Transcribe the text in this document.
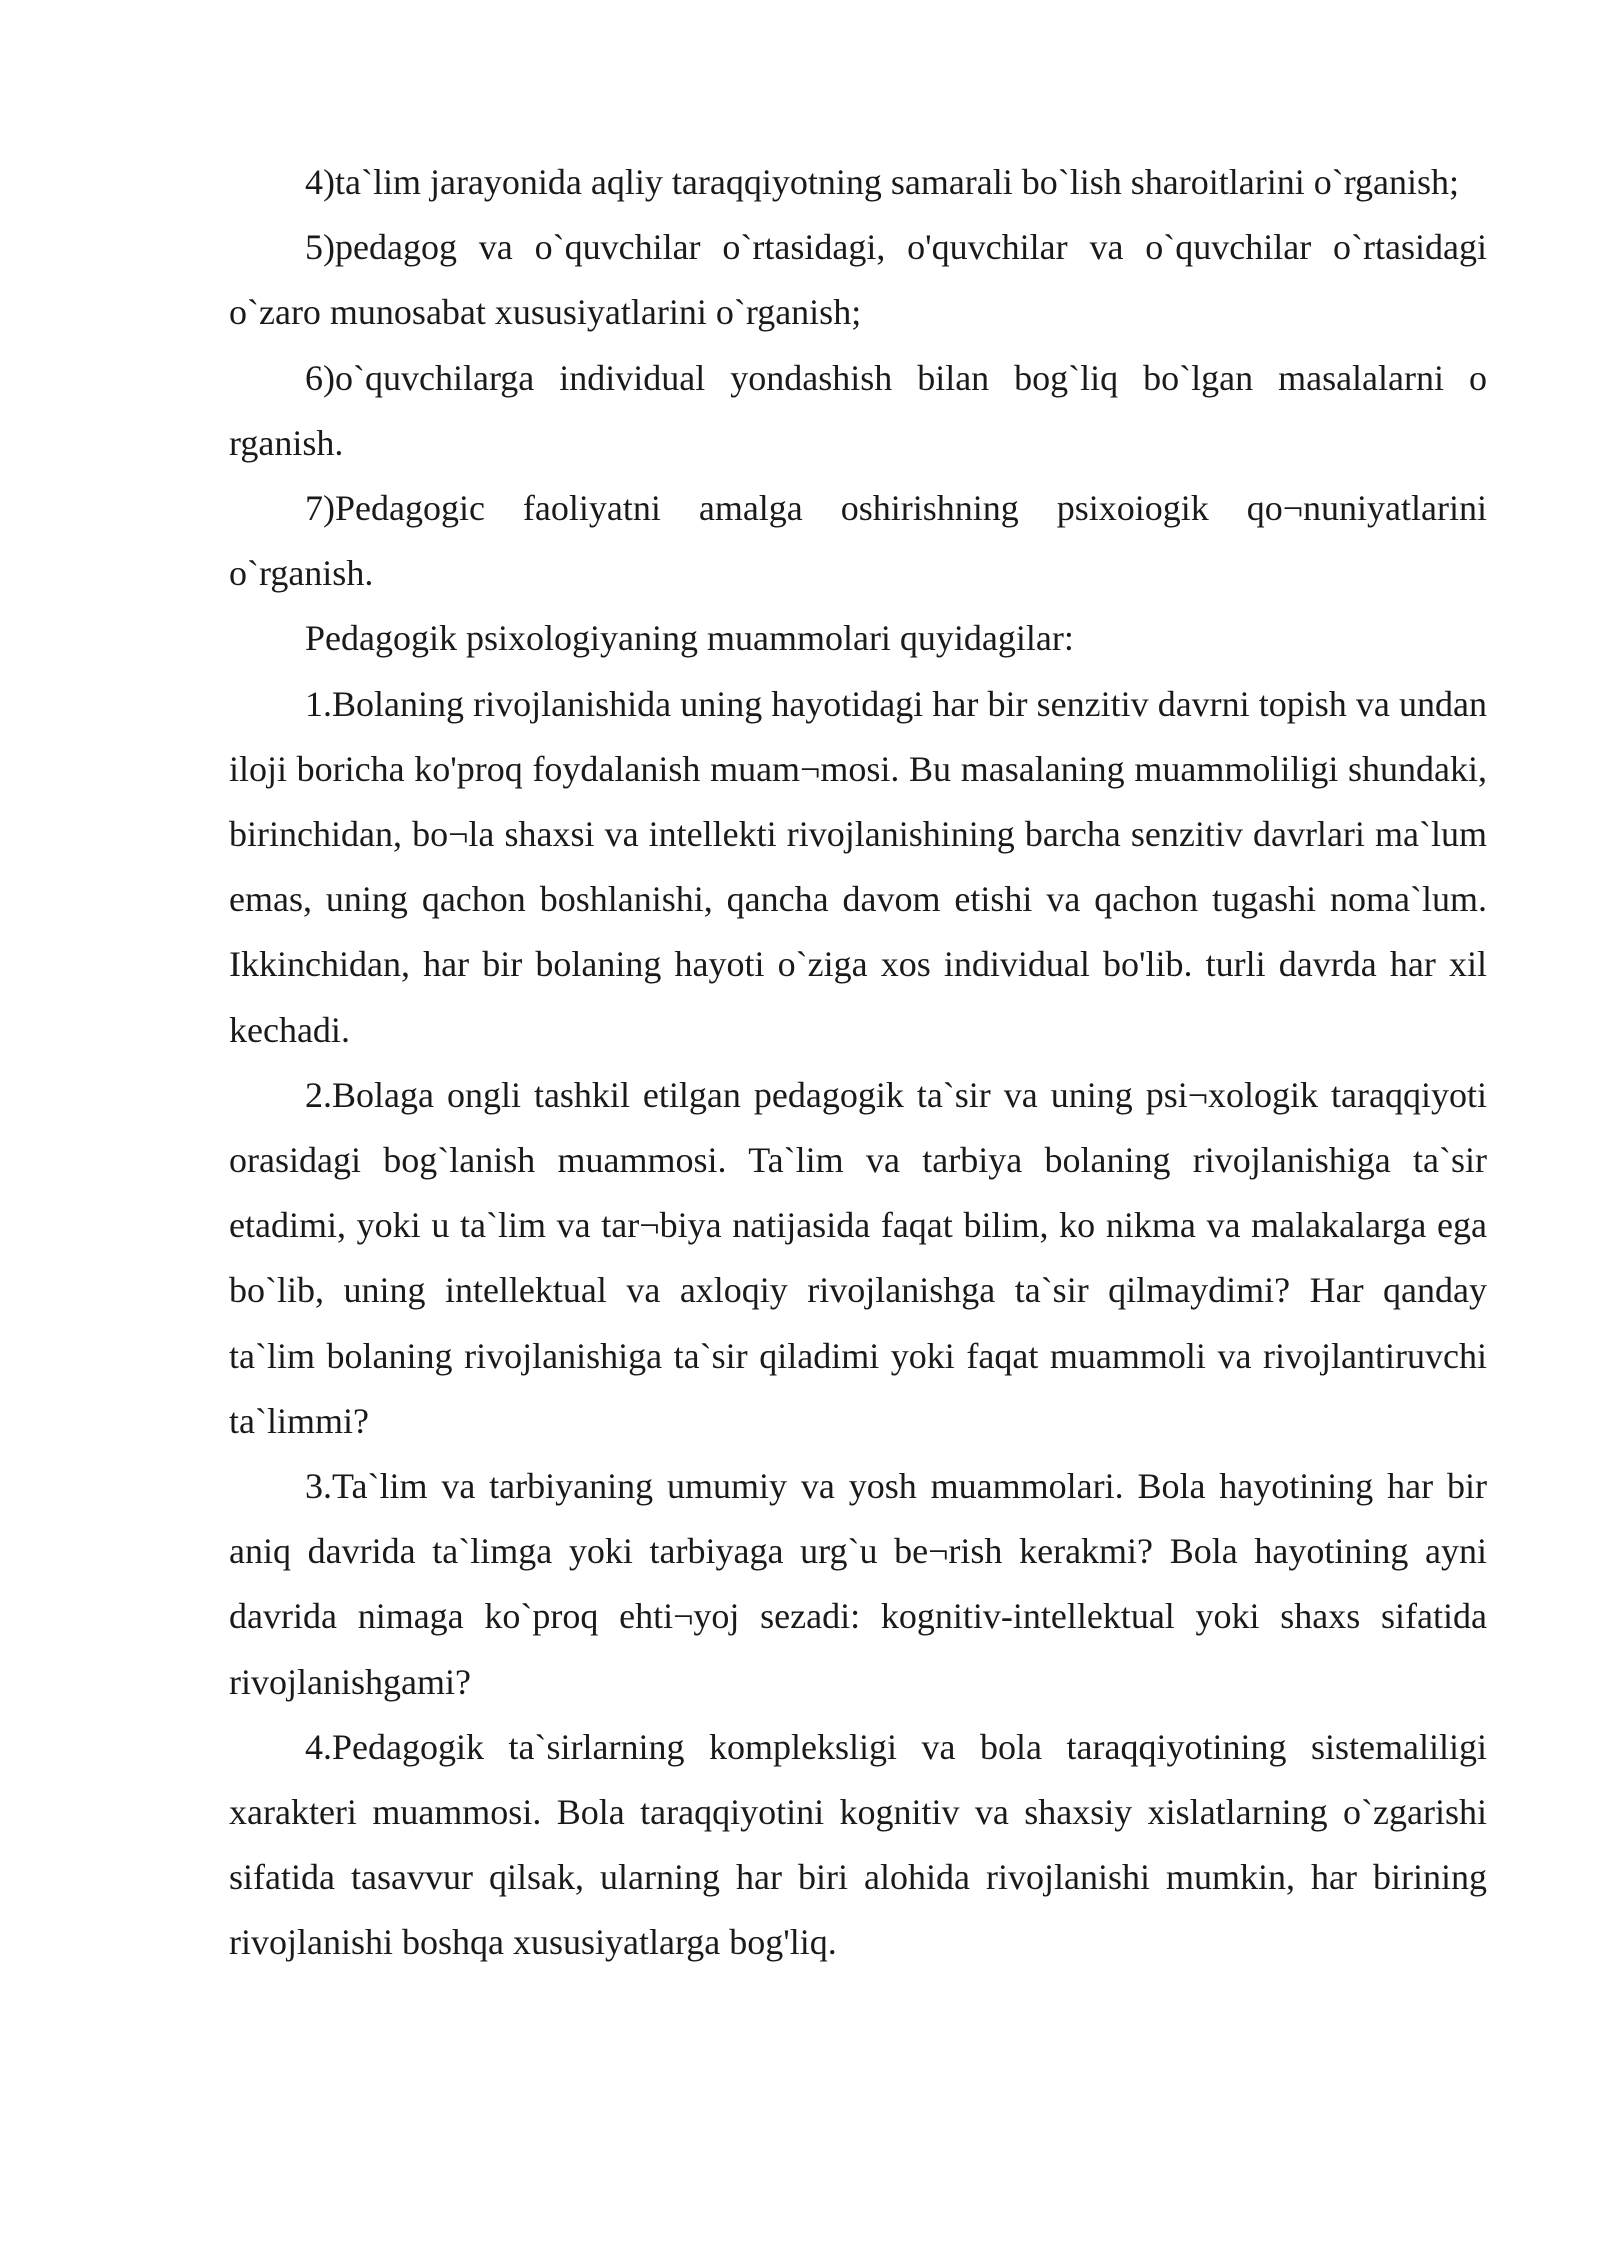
4)ta`lim jarayonida aqliy taraqqiyotning samarali bo`lish sharoitlarini o`rganish;

5)pedagog va o`quvchilar o`rtasidagi, o'quvchilar va o`quvchilar o`rtasidagi o`zaro munosabat xususiyatlarini o`rganish;

6)o`quvchilarga individual yondashish bilan bog`liq bo`lgan masalalarni o rganish.

7)Pedagogic faoliyatni amalga oshirishning psixoiogik qo¬nuniyatlarini o`rganish.

Pedagogik psixologiyaning muammolari quyidagilar:

1.Bolaning rivojlanishida uning hayotidagi har bir senzitiv davrni topish va undan iloji boricha ko'proq foydalanish muam¬mosi. Bu masalaning muammoliligi shundaki, birinchidan, bo¬la shaxsi va intellekti rivojlanishining barcha senzitiv davrlari ma`lum emas, uning qachon boshlanishi, qancha davom etishi va qachon tugashi noma`lum. Ikkinchidan, har bir bolaning hayoti o`ziga xos individual bo'lib. turli davrda har xil kechadi.

2.Bolaga ongli tashkil etilgan pedagogik ta`sir va uning psi¬xologik taraqqiyoti orasidagi bog`lanish muammosi. Ta`lim va tarbiya bolaning rivojlanishiga ta`sir etadimi, yoki u ta`lim va tar¬biya natijasida faqat bilim, ko nikma va malakalarga ega bo`lib, uning intellektual va axloqiy rivojlanishga ta`sir qilmaydimi? Har qanday ta`lim bolaning rivojlanishiga ta`sir qiladimi yoki faqat muammoli va rivojlantiruvchi ta`limmi?

3.Ta`lim va tarbiyaning umumiy va yosh muammolari. Bola hayotining har bir aniq davrida ta`limga yoki tarbiyaga urg`u be¬rish kerakmi? Bola hayotining ayni davrida nimaga ko`proq ehti¬yoj sezadi: kognitiv-intellektual yoki shaxs sifatida rivojlanishgami?

4.Pedagogik ta`sirlarning kompleksligi va bola taraqqiyotining sistemaliligi xarakteri muammosi. Bola taraqqiyotini kognitiv va shaxsiy xislatlarning o`zgarishi sifatida tasavvur qilsak, ularning har biri alohida rivojlanishi mumkin, har birining rivojlanishi boshqa xususiyatlarga bog'liq.
